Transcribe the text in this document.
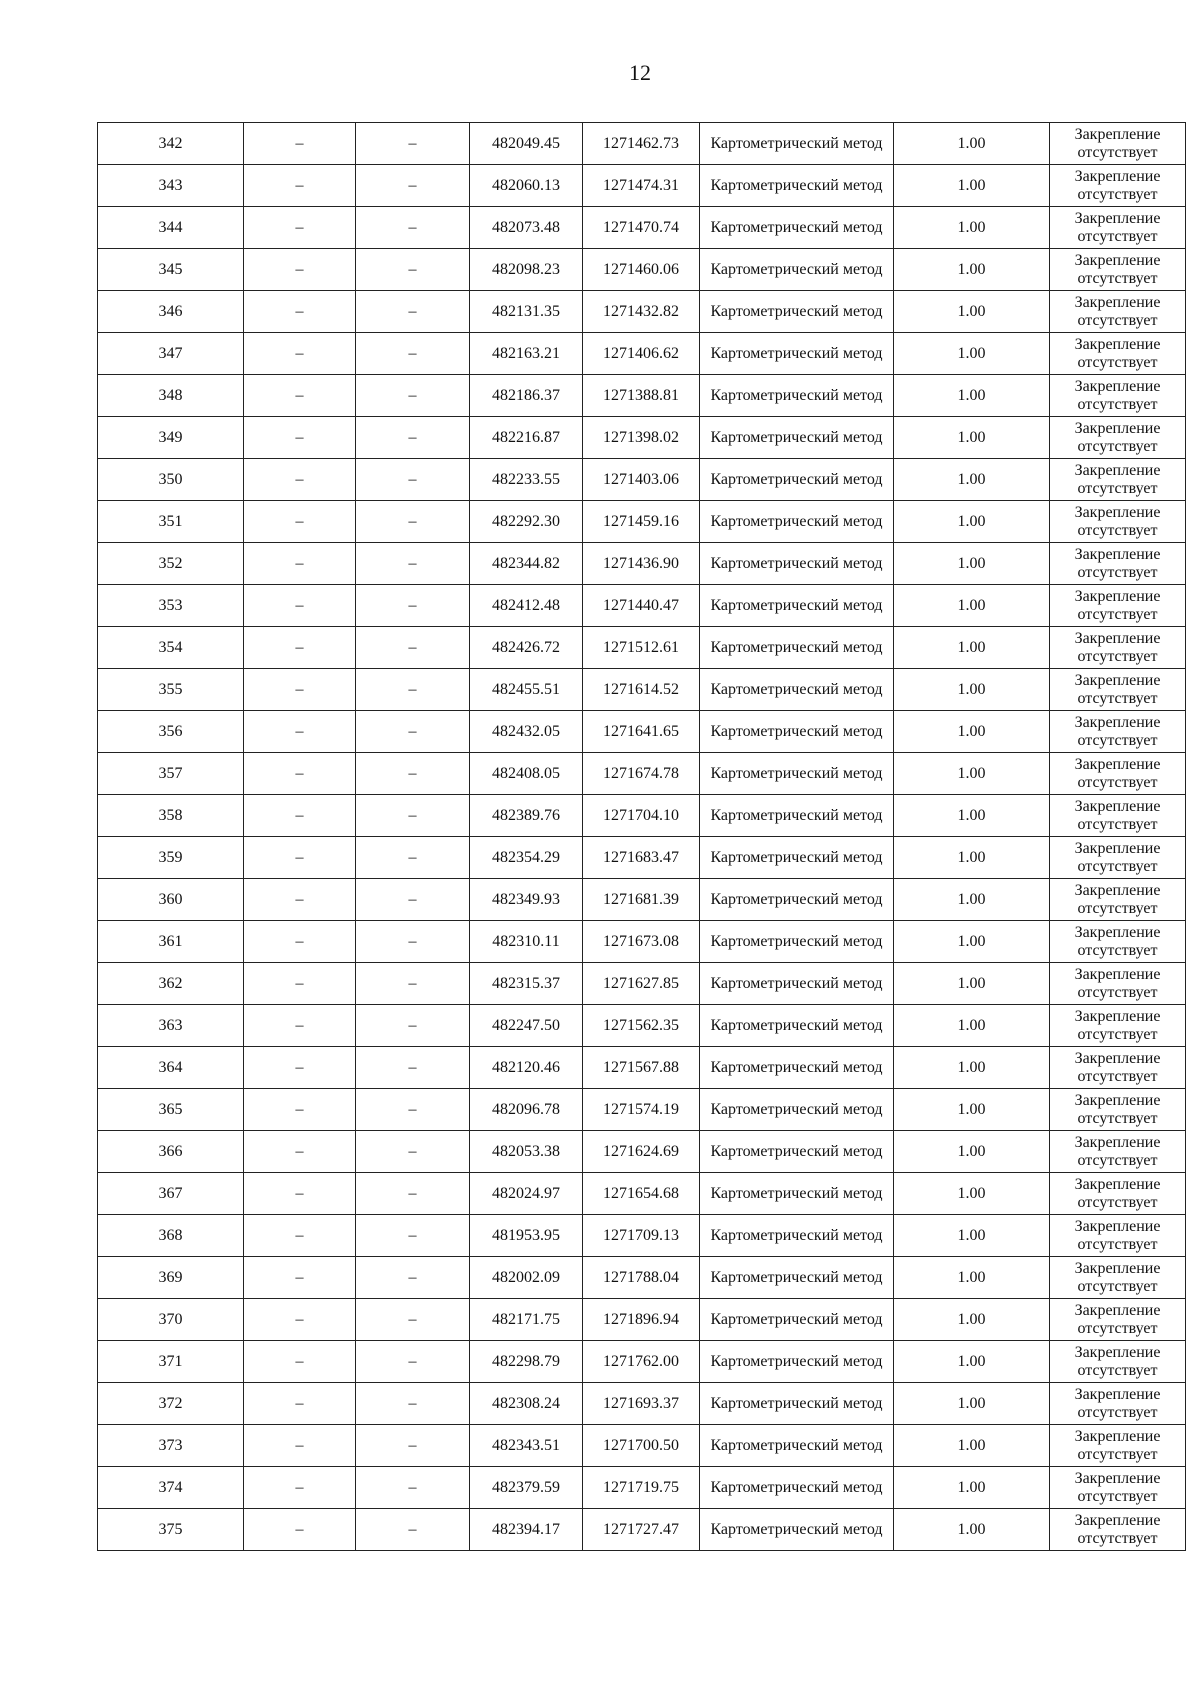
12
342	–	–	482049.45	1271462.73	Картометрический метод	1.00	Закрепление отсутствует
343	–	–	482060.13	1271474.31	Картометрический метод	1.00	Закрепление отсутствует
344	–	–	482073.48	1271470.74	Картометрический метод	1.00	Закрепление отсутствует
345	–	–	482098.23	1271460.06	Картометрический метод	1.00	Закрепление отсутствует
346	–	–	482131.35	1271432.82	Картометрический метод	1.00	Закрепление отсутствует
347	–	–	482163.21	1271406.62	Картометрический метод	1.00	Закрепление отсутствует
348	–	–	482186.37	1271388.81	Картометрический метод	1.00	Закрепление отсутствует
349	–	–	482216.87	1271398.02	Картометрический метод	1.00	Закрепление отсутствует
350	–	–	482233.55	1271403.06	Картометрический метод	1.00	Закрепление отсутствует
351	–	–	482292.30	1271459.16	Картометрический метод	1.00	Закрепление отсутствует
352	–	–	482344.82	1271436.90	Картометрический метод	1.00	Закрепление отсутствует
353	–	–	482412.48	1271440.47	Картометрический метод	1.00	Закрепление отсутствует
354	–	–	482426.72	1271512.61	Картометрический метод	1.00	Закрепление отсутствует
355	–	–	482455.51	1271614.52	Картометрический метод	1.00	Закрепление отсутствует
356	–	–	482432.05	1271641.65	Картометрический метод	1.00	Закрепление отсутствует
357	–	–	482408.05	1271674.78	Картометрический метод	1.00	Закрепление отсутствует
358	–	–	482389.76	1271704.10	Картометрический метод	1.00	Закрепление отсутствует
359	–	–	482354.29	1271683.47	Картометрический метод	1.00	Закрепление отсутствует
360	–	–	482349.93	1271681.39	Картометрический метод	1.00	Закрепление отсутствует
361	–	–	482310.11	1271673.08	Картометрический метод	1.00	Закрепление отсутствует
362	–	–	482315.37	1271627.85	Картометрический метод	1.00	Закрепление отсутствует
363	–	–	482247.50	1271562.35	Картометрический метод	1.00	Закрепление отсутствует
364	–	–	482120.46	1271567.88	Картометрический метод	1.00	Закрепление отсутствует
365	–	–	482096.78	1271574.19	Картометрический метод	1.00	Закрепление отсутствует
366	–	–	482053.38	1271624.69	Картометрический метод	1.00	Закрепление отсутствует
367	–	–	482024.97	1271654.68	Картометрический метод	1.00	Закрепление отсутствует
368	–	–	481953.95	1271709.13	Картометрический метод	1.00	Закрепление отсутствует
369	–	–	482002.09	1271788.04	Картометрический метод	1.00	Закрепление отсутствует
370	–	–	482171.75	1271896.94	Картометрический метод	1.00	Закрепление отсутствует
371	–	–	482298.79	1271762.00	Картометрический метод	1.00	Закрепление отсутствует
372	–	–	482308.24	1271693.37	Картометрический метод	1.00	Закрепление отсутствует
373	–	–	482343.51	1271700.50	Картометрический метод	1.00	Закрепление отсутствует
374	–	–	482379.59	1271719.75	Картометрический метод	1.00	Закрепление отсутствует
375	–	–	482394.17	1271727.47	Картометрический метод	1.00	Закрепление отсутствует
